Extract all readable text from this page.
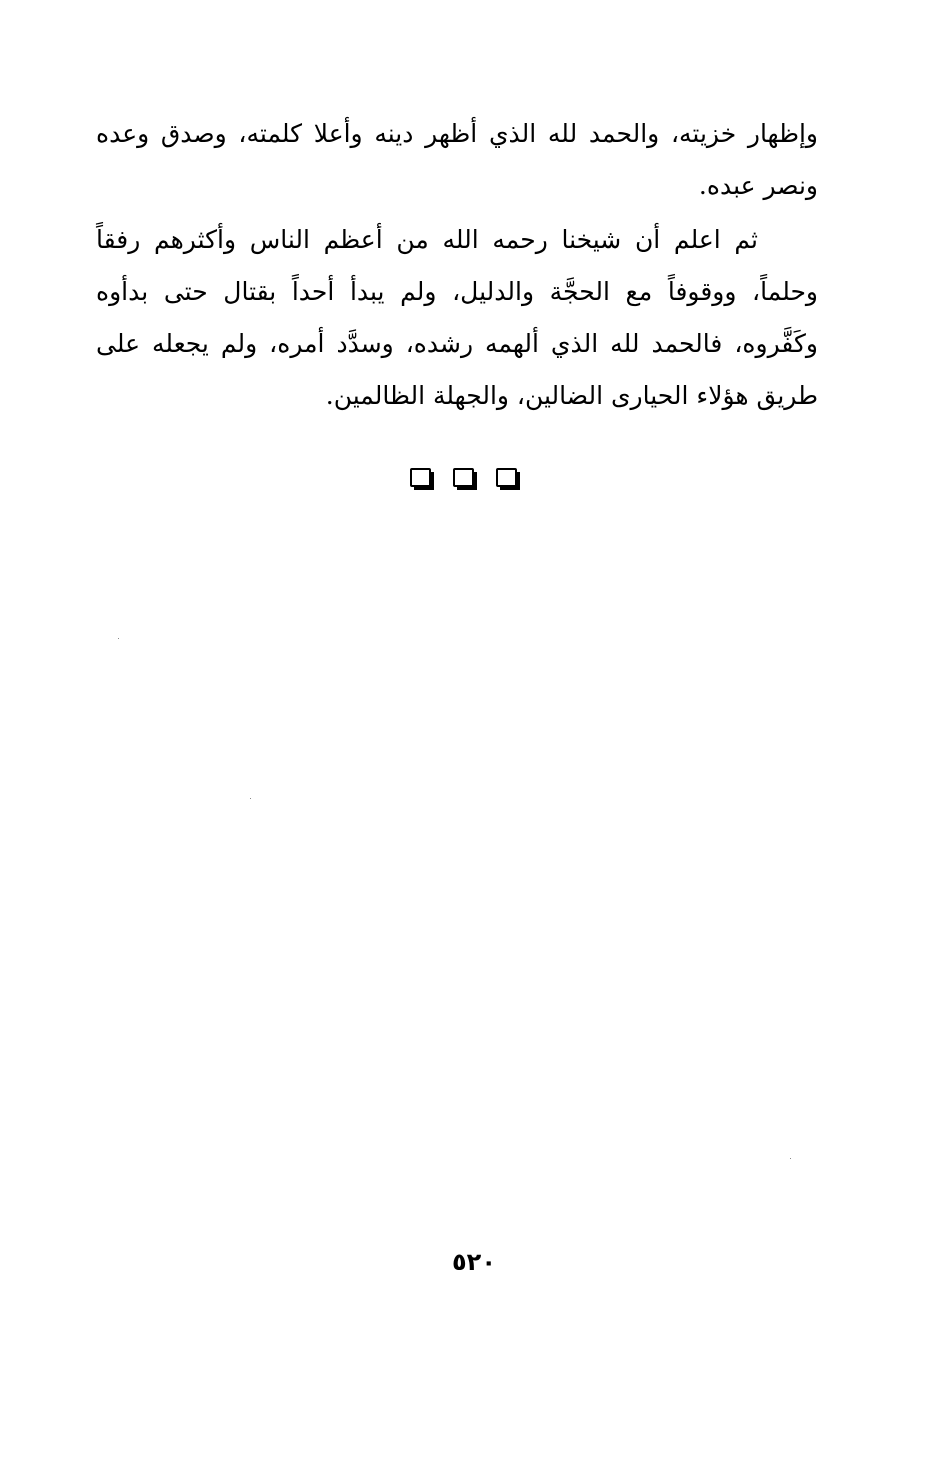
وإظهار خزيته، والحمد لله الذي أظهر دينه وأعلا كلمته، وصدق وعده ونصر عبده.

ثم اعلم أن شيخنا رحمه الله من أعظم الناس وأكثرهم رفقاً وحلماً، ووقوفاً مع الحجَّة والدليل، ولم يبدأ أحداً بقتال حتى بدأوه وكَفَّروه، فالحمد لله الذي ألهمه رشده، وسدَّد أمره، ولم يجعله على طريق هؤلاء الحيارى الضالين، والجهلة الظالمين.

٥٢٠
